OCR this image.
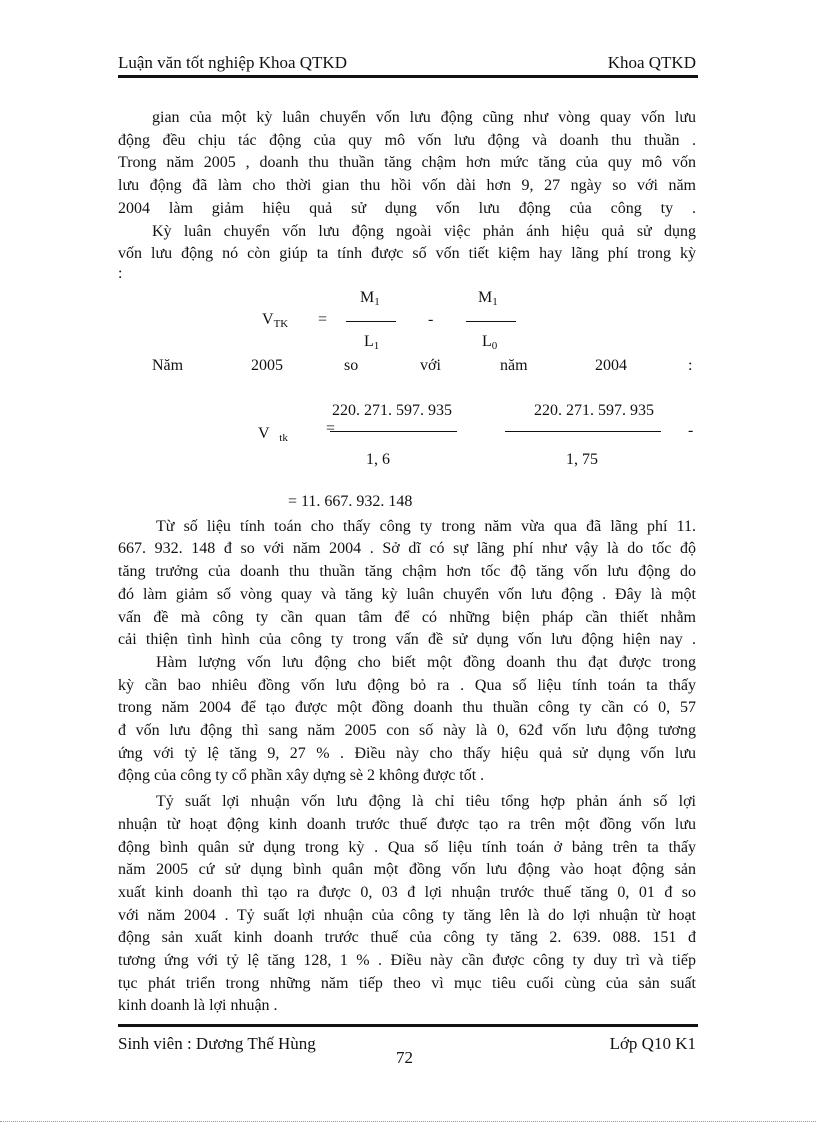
Luận văn tốt nghiệp Khoa QTKD	Khoa QTKD
gian của một kỳ luân chuyển vốn lưu động cũng như vòng quay vốn lưu
động đều chịu tác động của quy mô vốn lưu động và doanh thu thuần .
Trong năm 2005 , doanh thu thuần tăng chậm hơn mức tăng của quy mô vốn
lưu động đã làm cho thời gian thu hồi vốn dài hơn 9, 27 ngày so với năm
2004 làm giảm hiệu quả sử dụng vốn lưu động của công ty .
Kỳ luân chuyển vốn lưu động ngoài việc phản ánh hiệu quả sử dụng
vốn lưu động nó còn giúp ta tính được số vốn tiết kiệm hay lãng phí trong kỳ
:
$V_{TK}$ =
$M_1$
$L_1$
-
$M_1$
$L_0$
Năm	2005	so	với	năm	2004	:
V $_{tk}$
=
220. 271. 597. 935
1, 6
220. 271. 597. 935
1, 75
-
= 11. 667. 932. 148
Từ số liệu tính toán cho thấy công ty trong năm vừa qua đã lãng phí 11.
667. 932. 148 đ so với năm 2004 . Sở dĩ có sự lãng phí như vậy là do tốc độ
tăng trưởng của doanh thu thuần tăng chậm hơn tốc độ tăng vốn lưu động do
đó làm giảm số vòng quay và tăng kỳ luân chuyển vốn lưu động . Đây là một
vấn đề mà công ty cần quan tâm để có những biện pháp cần thiết nhằm
cải thiện tình hình của công ty trong vấn đề sử dụng vốn lưu động hiện nay .
Hàm lượng vốn lưu động cho biết một đồng doanh thu đạt được trong
kỳ cần bao nhiêu đồng vốn lưu động bỏ ra . Qua số liệu tính toán ta thấy
trong năm 2004 để tạo được một đồng doanh thu thuần công ty cần có 0, 57
đ vốn lưu động thì sang năm 2005 con số này là 0, 62đ vốn lưu động tương
ứng với tỷ lệ tăng 9, 27 % . Điều này cho thấy hiệu quả sử dụng vốn lưu
động của công ty cổ phần xây dựng sè 2 không được tốt .
Tỷ suất lợi nhuận vốn lưu động là chỉ tiêu tổng hợp phản ánh số lợi
nhuận từ hoạt động kinh doanh trước thuế được tạo ra trên một đồng vốn lưu
động bình quân sử dụng trong kỳ . Qua số liệu tính toán ở bảng trên ta thấy
năm 2005 cứ sử dụng bình quân một đồng vốn lưu động vào hoạt động sản
xuất kinh doanh thì tạo ra được 0, 03 đ lợi nhuận trước thuế tăng 0, 01 đ so
với năm 2004 . Tỷ suất lợi nhuận của công ty tăng lên là do lợi nhuận từ hoạt
động sản xuất kinh doanh trước thuế của công ty tăng 2. 639. 088. 151 đ
tương ứng với tỷ lệ tăng 128, 1 % . Điều này cần được công ty duy trì và tiếp
tục phát triển trong những năm tiếp theo vì mục tiêu cuối cùng của sản suất
kinh doanh là lợi nhuận .
Sinh viên : Dương Thế Hùng
72
Lớp Q10 K1
